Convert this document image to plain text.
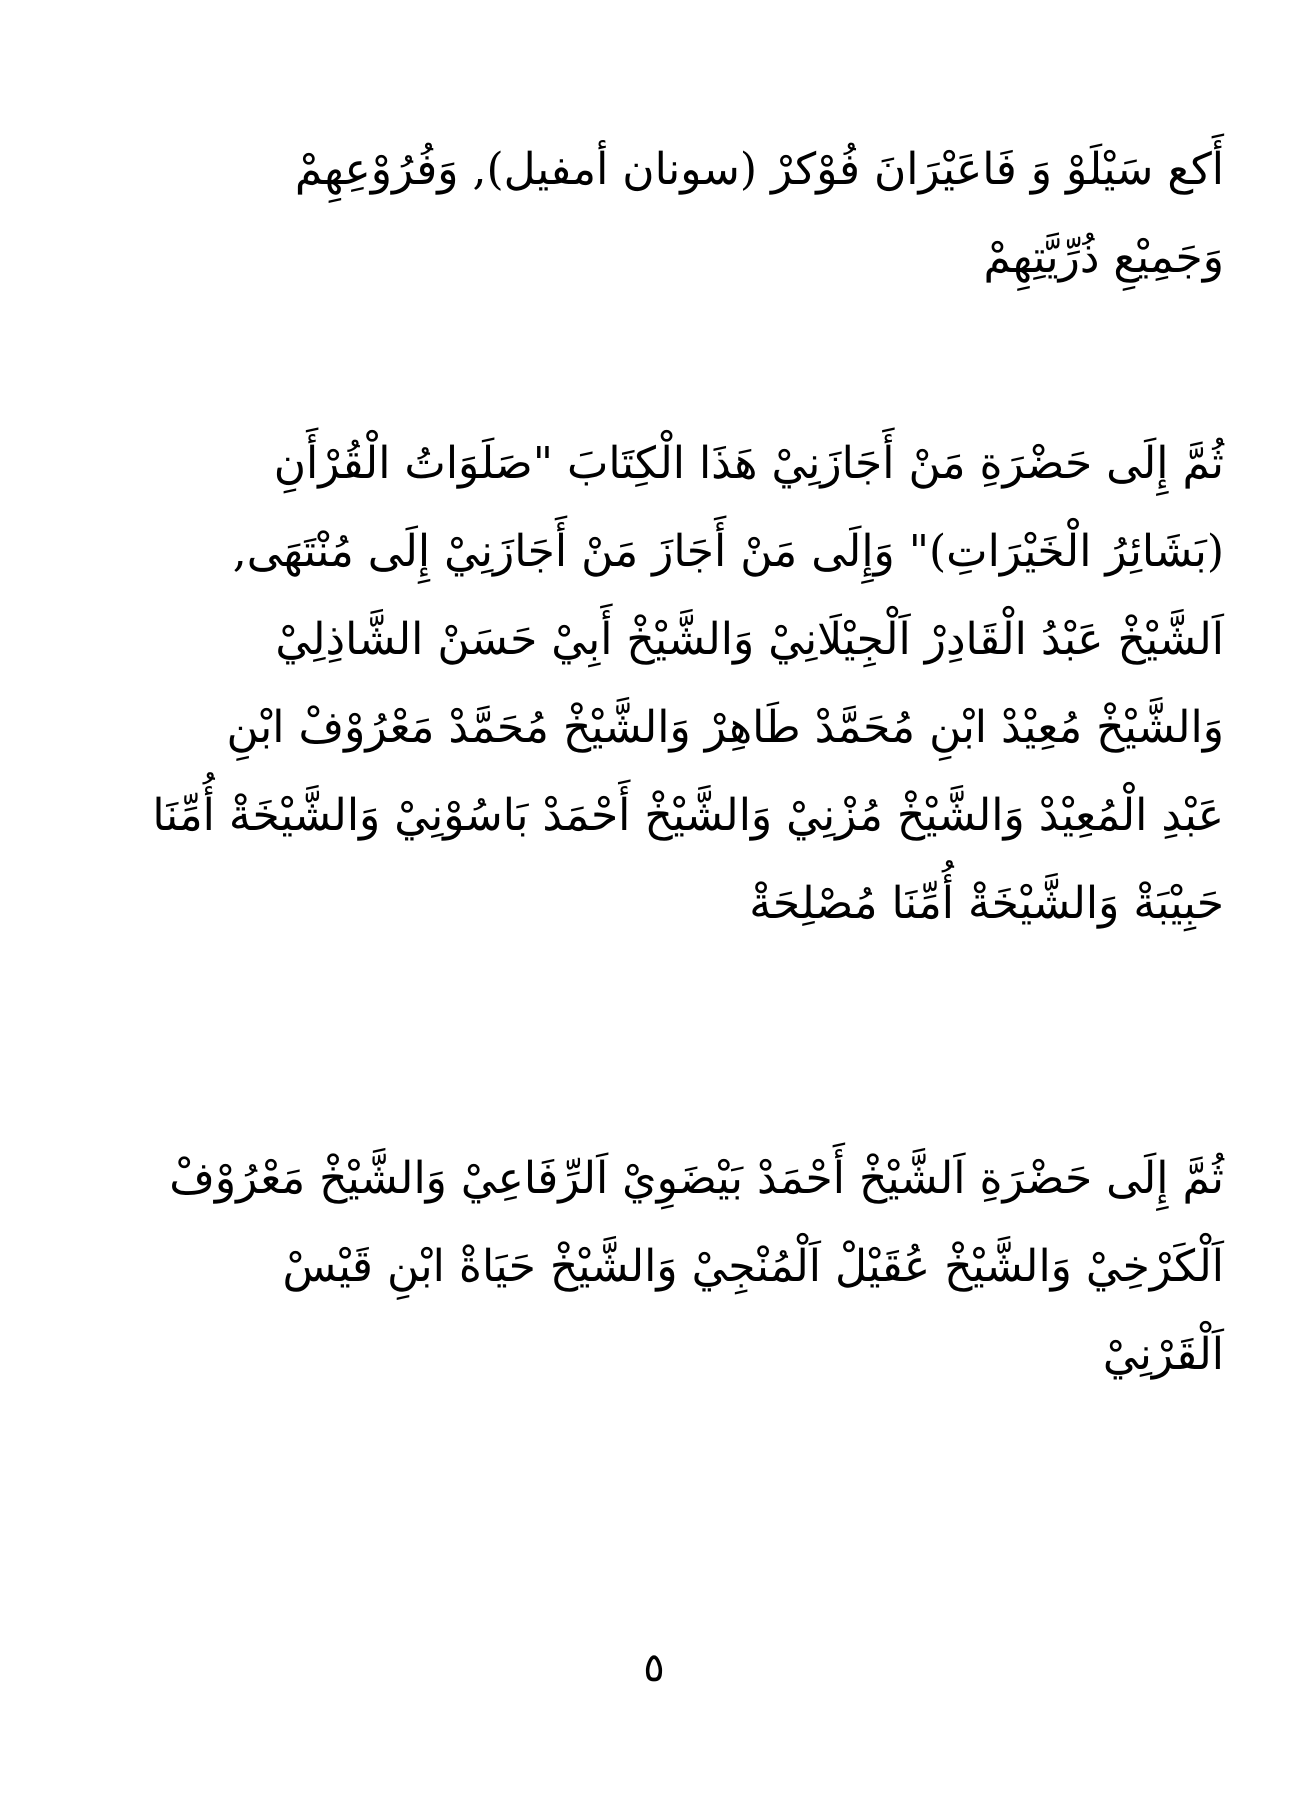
أَكع سَيْلَوْ وَ فَاعَيْرَانَ فُوْكرْ (سونان أمفيل), وَفُرُوْعِهِمْ
وَجَمِيْعِ ذُرِّيَّتِهِمْ
ثُمَّ إِلَى حَضْرَةِ مَنْ أَجَازَنِيْ هَذَا الْكِتَابَ "صَلَوَاتُ الْقُرْأَنِ
(بَشَائِرُ الْخَيْرَاتِ)" وَإِلَى مَنْ أَجَازَ مَنْ أَجَازَنِيْ إِلَى مُنْتَهَى,
اَلشَّيْخْ عَبْدُ الْقَادِرْ اَلْجِيْلَانِيْ وَالشَّيْخْ أَبِيْ حَسَنْ الشَّاذِلِيْ
وَالشَّيْخْ مُعِيْدْ ابْنِ مُحَمَّدْ طَاهِرْ وَالشَّيْخْ مُحَمَّدْ مَعْرُوْفْ ابْنِ
عَبْدِ الْمُعِيْدْ وَالشَّيْخْ مُزْنِيْ وَالشَّيْخْ أَحْمَدْ بَاسُوْنِيْ وَالشَّيْخَةْ أُمِّنَا
حَبِيْبَةْ وَالشَّيْخَةْ أُمِّنَا مُصْلِحَةْ
ثُمَّ إِلَى حَضْرَةِ اَلشَّيْخْ أَحْمَدْ بَيْضَوِيْ اَلرِّفَاعِيْ وَالشَّيْخْ مَعْرُوْفْ
اَلْكَرْخِيْ وَالشَّيْخْ عُقَيْلْ اَلْمُنْجِيْ وَالشَّيْخْ حَيَاةْ ابْنِ قَيْسْ
اَلْقَرْنِيْ
٥
